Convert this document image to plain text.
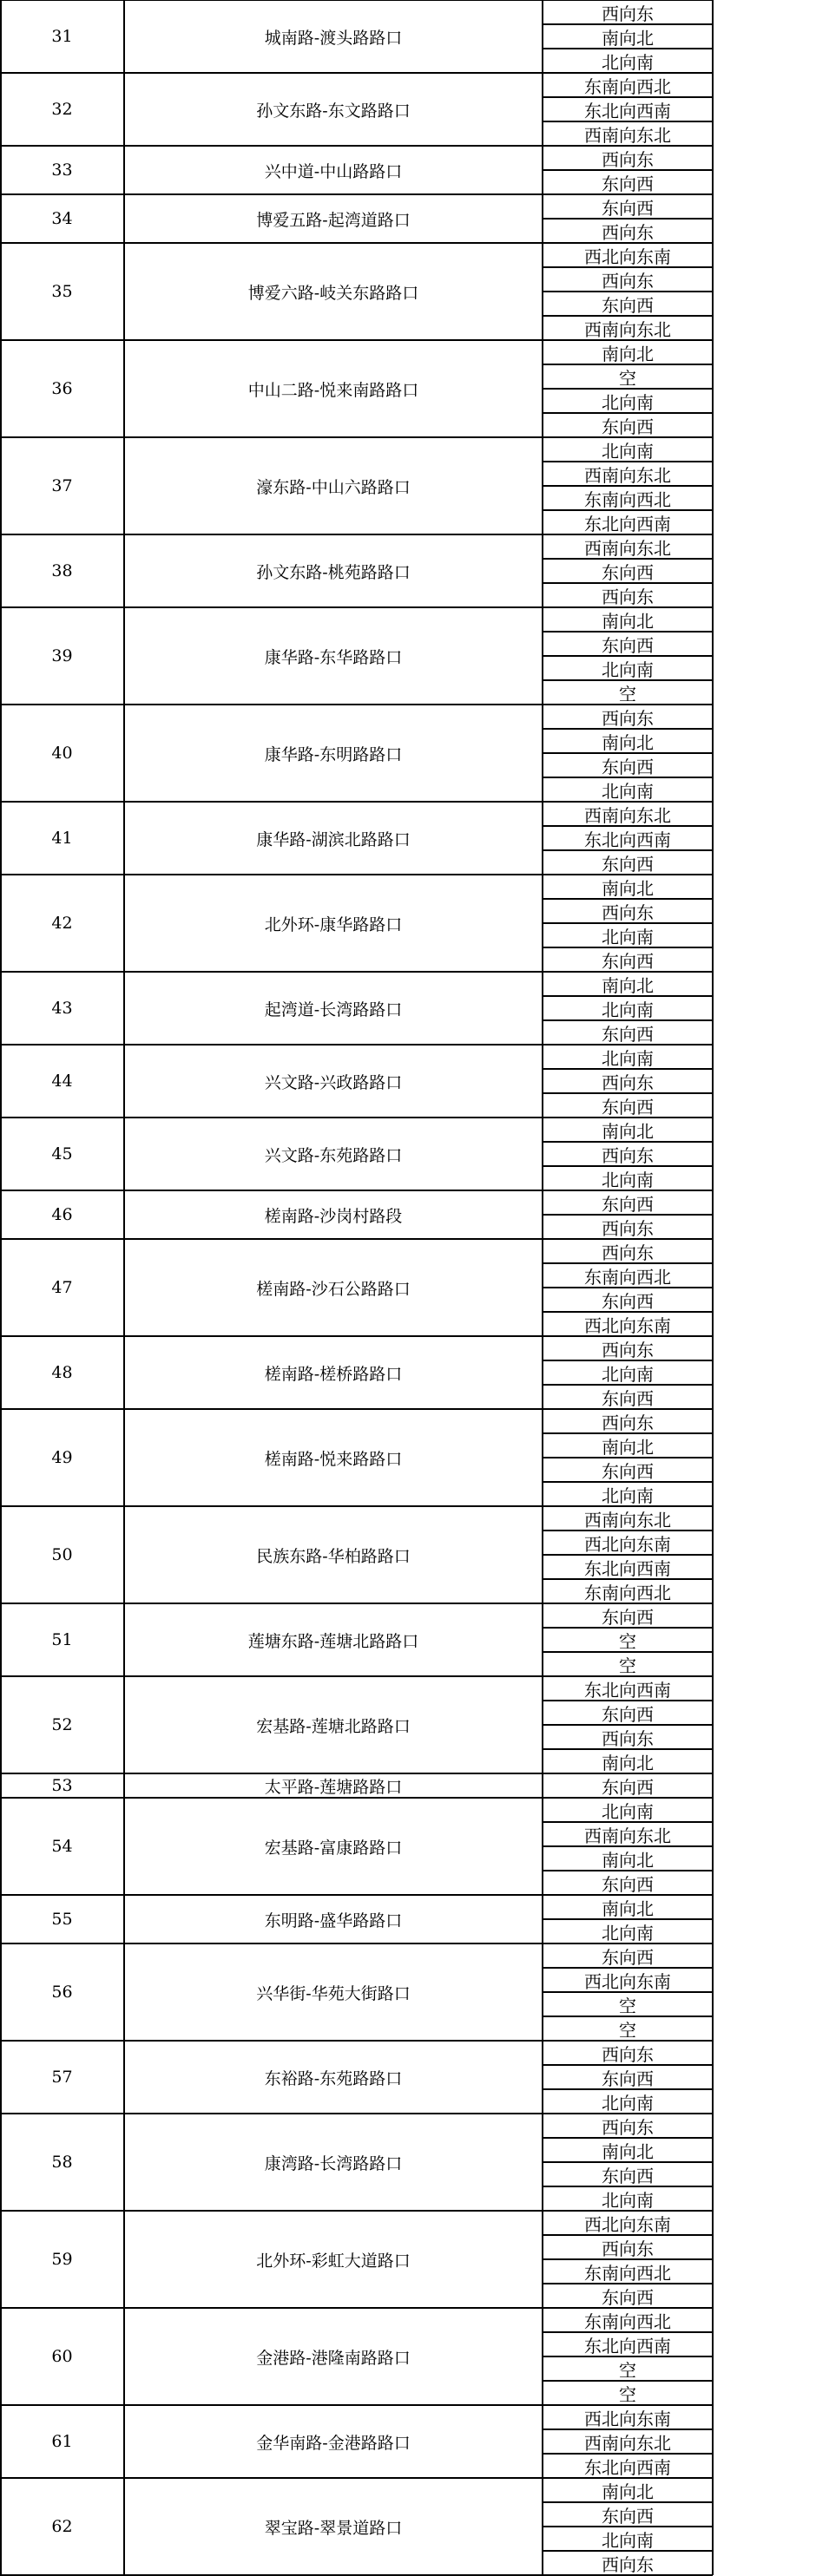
31	城南路-渡头路路口
西向东
南向北
北向南
32	孙文东路-东文路路口
东南向西北
东北向西南
西南向东北
33	兴中道-中山路路口
西向东
东向西
34	博爱五路-起湾道路口
东向西
西向东
35	博爱六路-岐关东路路口
西北向东南
西向东
东向西
西南向东北
36	中山二路-悦来南路路口
南向北
空
北向南
东向西
37	濠东路-中山六路路口
北向南
西南向东北
东南向西北
东北向西南
38	孙文东路-桃苑路路口
西南向东北
东向西
西向东
39	康华路-东华路路口
南向北
东向西
北向南
空
40	康华路-东明路路口
西向东
南向北
东向西
北向南
41	康华路-湖滨北路路口
西南向东北
东北向西南
东向西
42	北外环-康华路路口
南向北
西向东
北向南
东向西
43	起湾道-长湾路路口
南向北
北向南
东向西
44	兴文路-兴政路路口
北向南
西向东
东向西
45	兴文路-东苑路路口
南向北
西向东
北向南
46	槎南路-沙岗村路段
东向西
西向东
47	槎南路-沙石公路路口
西向东
东南向西北
东向西
西北向东南
48	槎南路-槎桥路路口
西向东
北向南
东向西
49	槎南路-悦来路路口
西向东
南向北
东向西
北向南
50	民族东路-华柏路路口
西南向东北
西北向东南
东北向西南
东南向西北
51	莲塘东路-莲塘北路路口
东向西
空
空
52	宏基路-莲塘北路路口
东北向西南
东向西
西向东
南向北
53	太平路-莲塘路路口	东向西
54	宏基路-富康路路口
北向南
西南向东北
南向北
东向西
55	东明路-盛华路路口
南向北
北向南
56	兴华街-华苑大街路口
东向西
西北向东南
空
空
57	东裕路-东苑路路口
西向东
东向西
北向南
58	康湾路-长湾路路口
西向东
南向北
东向西
北向南
59	北外环-彩虹大道路口
西北向东南
西向东
东南向西北
东向西
60	金港路-港隆南路路口
东南向西北
东北向西南
空
空
61	金华南路-金港路路口
西北向东南
西南向东北
东北向西南
62	翠宝路-翠景道路口
南向北
东向西
北向南
西向东
